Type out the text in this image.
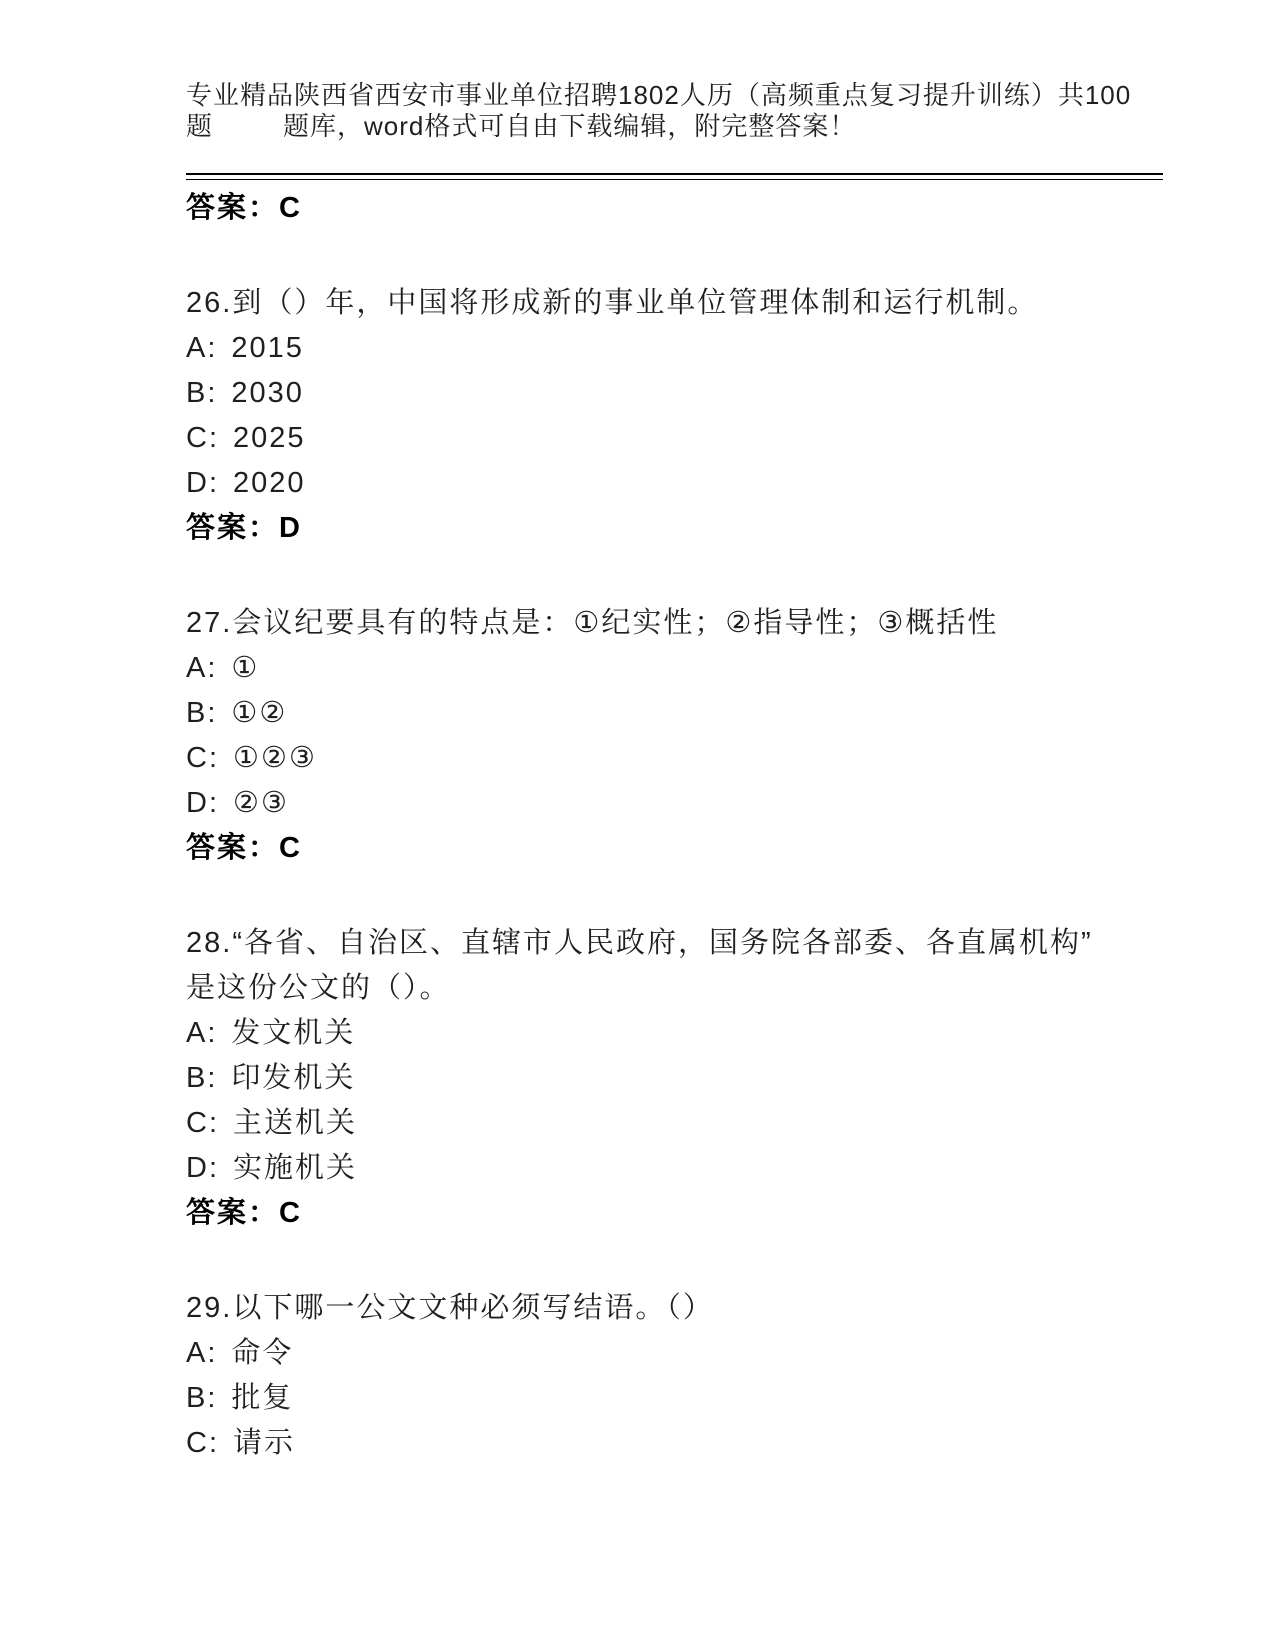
专业精品陕西省西安市事业单位招聘1802人历（高频重点复习提升训练）共100
题	题库，word格式可自由下载编辑，附完整答案！
答案：C
26.到（）年，中国将形成新的事业单位管理体制和运行机制。
A: 2015
B: 2030
C: 2025
D: 2020
答案：D
27.会议纪要具有的特点是：①纪实性；②指导性；③概括性
A: ①
B: ①②
C: ①②③
D: ②③
答案：C
28.“各省、自治区、直辖市人民政府，国务院各部委、各直属机构”
是这份公文的（）。
A: 发文机关
B: 印发机关
C: 主送机关
D: 实施机关
答案：C
29.以下哪一公文文种必须写结语。（）
A: 命令
B: 批复
C: 请示
